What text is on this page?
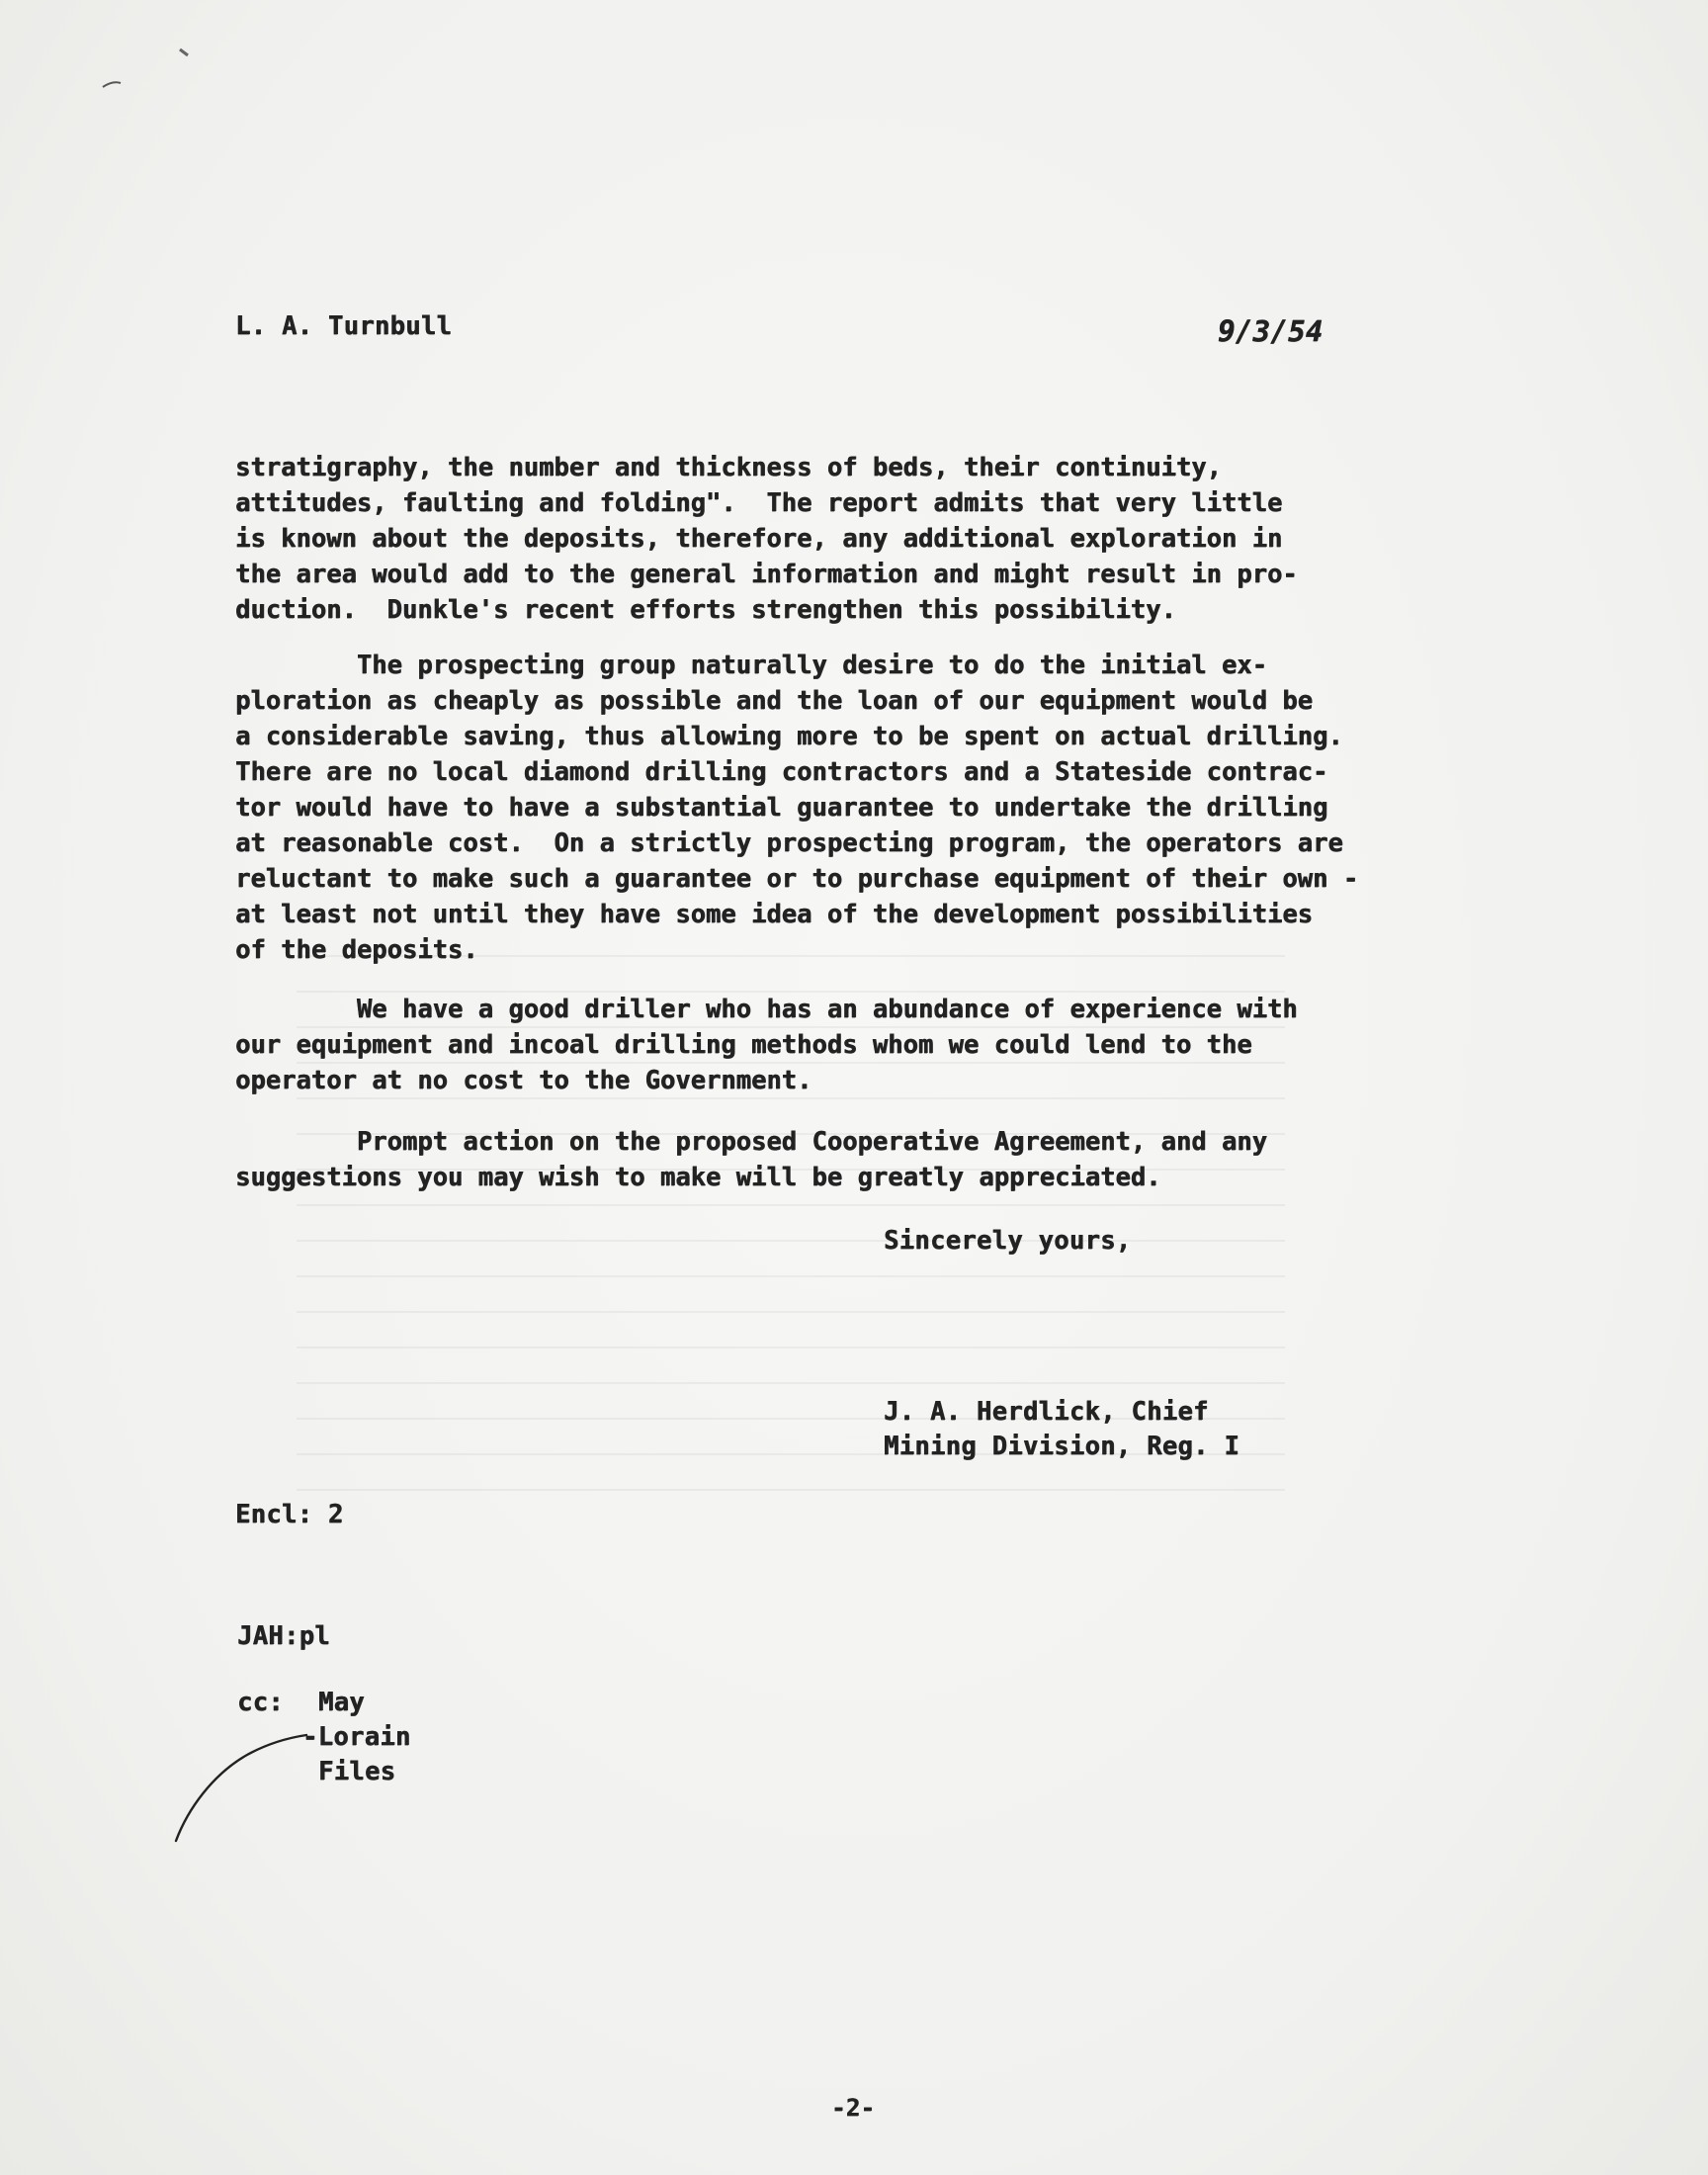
L. A. Turnbull	9/3/54
stratigraphy, the number and thickness of beds, their continuity,
attitudes, faulting and folding".  The report admits that very little
is known about the deposits, therefore, any additional exploration in
the area would add to the general information and might result in pro-
duction.  Dunkle's recent efforts strengthen this possibility.
The prospecting group naturally desire to do the initial ex-
ploration as cheaply as possible and the loan of our equipment would be
a considerable saving, thus allowing more to be spent on actual drilling.
There are no local diamond drilling contractors and a Stateside contrac-
tor would have to have a substantial guarantee to undertake the drilling
at reasonable cost.  On a strictly prospecting program, the operators are
reluctant to make such a guarantee or to purchase equipment of their own -
at least not until they have some idea of the development possibilities
of the deposits.
We have a good driller who has an abundance of experience with
our equipment and incoal drilling methods whom we could lend to the
operator at no cost to the Government.
Prompt action on the proposed Cooperative Agreement, and any
suggestions you may wish to make will be greatly appreciated.
Sincerely yours,
J. A. Herdlick, Chief
Mining Division, Reg. I
Encl: 2
JAH:pl
cc: May
-Lorain
Files
-2-
